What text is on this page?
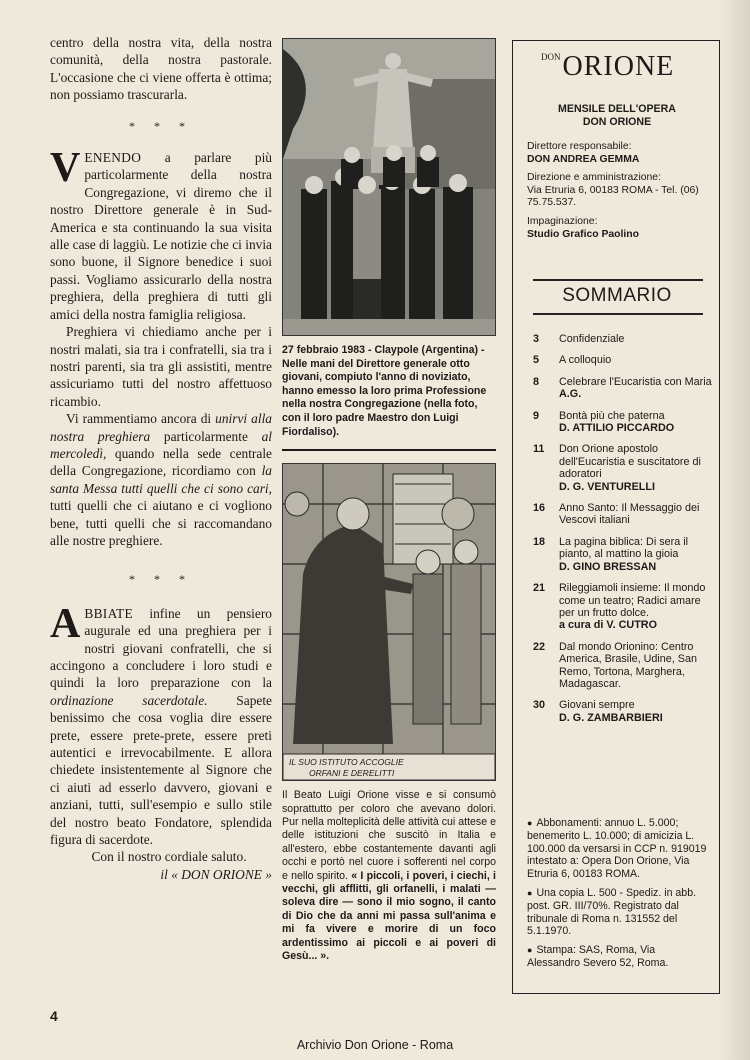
centro della nostra vita, della nostra comunità, della nostra pastorale. L'occasione che ci viene offerta è ottima; non possiamo trascurarla.

* * *

VENENDO a parlare più particolarmente della nostra Congregazione, vi diremo che il nostro Direttore generale è in Sud-America e sta continuando la sua visita alle case di laggiù. Le notizie che ci invia sono buone, il Signore benedice i suoi passi. Vogliamo assicurarlo della nostra preghiera, della preghiera di tutti gli amici della nostra famiglia religiosa.

Preghiera vi chiediamo anche per i nostri malati, sia tra i confratelli, sia tra i nostri parenti, sia tra gli assistiti, mentre assicuriamo tutti del nostro affettuoso ricambio.

Vi rammentiamo ancora di unirvi alla nostra preghiera particolarmente al mercoledì, quando nella sede centrale della Congregazione, ricordiamo con la santa Messa tutti quelli che ci sono cari, tutti quelli che ci aiutano e ci vogliono bene, tutti quelli che si raccomandano alle nostre preghiere.

* * *

ABBIATE infine un pensiero augurale ed una preghiera per i nostri giovani confratelli, che si accingono a concludere i loro studi e quindi la loro preparazione con la ordinazione sacerdotale. Sapete benissimo che cosa voglia dire essere prete, essere prete-prete, essere preti autentici e irrevocabilmente. E allora chiedete insistentemente al Signore che ci aiuti ad esserlo davvero, giovani e anziani, tutti, sull'esempio e sullo stile del nostro beato Fondatore, splendida figura di sacerdote.

Con il nostro cordiale saluto.

il « DON ORIONE »

27 febbraio 1983 - Claypole (Argentina) - Nelle mani del Direttore generale otto giovani, compiuto l'anno di noviziato, hanno emesso la loro prima Professione nella nostra Congregazione (nella foto, con il loro padre Maestro don Luigi Fiordaliso).
IL SUO ISTITUTO ACCOGLIE
ORFANI E DERELITTI
Il Beato Luigi Orione visse e si consumò soprattutto per coloro che avevano dolori. Pur nella molteplicità delle attività cui attese e delle istituzioni che suscitò in Italia e all'estero, ebbe costantemente davanti agli occhi e portò nel cuore i sofferenti nel corpo e nello spirito. « I piccoli, i poveri, i ciechi, i vecchi, gli afflitti, gli orfanelli, i malati — soleva dire — sono il mio sogno, il canto di Dio che da anni mi passa sull'anima e mi fa vivere e morire di un foco ardentissimo ai piccoli e ai poveri di Gesù... ».
$^{DON}$ORIONE
MENSILE DELL'OPERA
DON ORIONE
Direttore responsabile:
DON ANDREA GEMMA
Direzione e amministrazione:
Via Etruria 6, 00183 ROMA - Tel. (06) 75.75.537.
Impaginazione:
Studio Grafico Paolino
SOMMARIO
3	Confidenziale
5	A colloquio
8	Celebrare l'Eucaristia con Maria
A.G.
9	Bontà più che paterna
D. ATTILIO PICCARDO
11	Don Orione apostolo dell'Eucaristia e suscitatore di adoratori
D. G. VENTURELLI
16	Anno Santo: Il Messaggio dei Vescovi italiani
18	La pagina biblica: Di sera il pianto, al mattino la gioia
D. GINO BRESSAN
21	Rileggiamoli insieme: Il mondo come un teatro; Radici amare per un frutto dolce.
a cura di V. CUTRO
22	Dal mondo Orionino: Centro America, Brasile, Udine, San Remo, Tortona, Marghera, Madagascar.
30	Giovani sempre
D. G. ZAMBARBIERI

● Abbonamenti: annuo L. 5.000; benemerito L. 10.000; di amicizia L. 100.000 da versarsi in CCP n. 919019 intestato a: Opera Don Orione, Via Etruria 6, 00183 ROMA.

● Una copia L. 500 - Spediz. in abb. post. GR. III/70%. Registrato dal tribunale di Roma n. 131552 del 5.1.1970.

● Stampa: SAS, Roma, Via Alessandro Severo 52, Roma.

4
Archivio Don Orione - Roma
